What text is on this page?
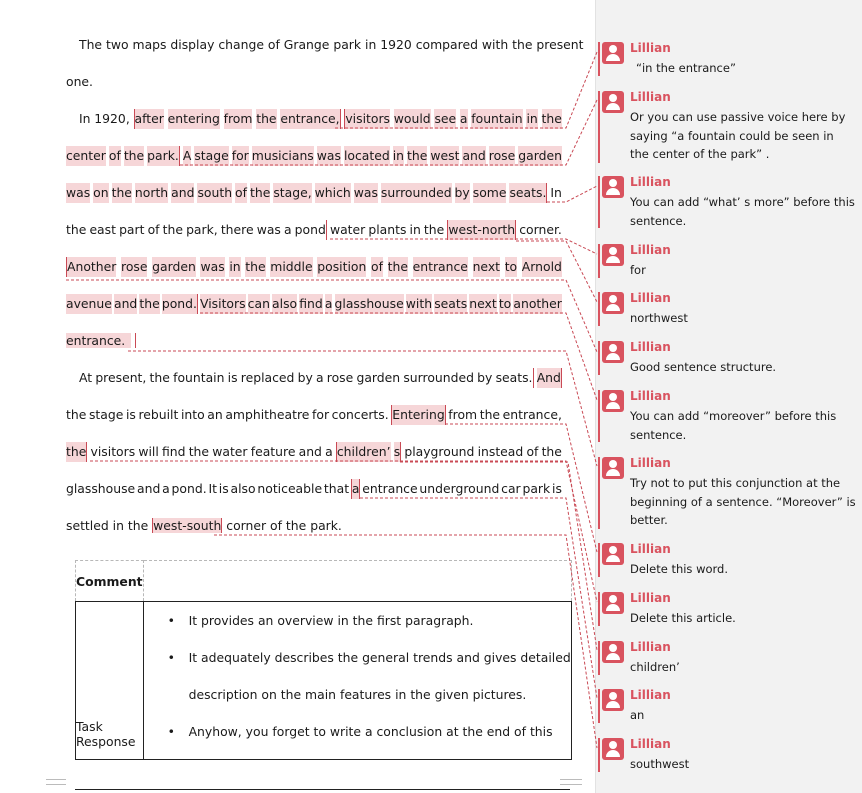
The two maps display change of Grange park in 1920 compared with the present
one.
In 1920, after entering from the entrance, visitors would see a fountain in the
center of the park. A stage for musicians was located in the west and rose garden
was on the north and south of the stage, which was surrounded by some seats. In
the east part of the park, there was a pond water plants in the west-north corner.
Another rose garden was in the middle position of the entrance next to Arnold
avenue and the pond. Visitors can also find a glasshouse with seats next to another
entrance.
At present, the fountain is replaced by a rose garden surrounded by seats. And
the stage is rebuilt into an amphitheatre for concerts. Entering from the entrance,
the visitors will find the water feature and a children’ s playground instead of the
glasshouse and a pond. It is also noticeable that a entrance underground car park is
settled in the west-south corner of the park.
Comment	
Task Response	• It provides an overview in the first paragraph.
• It adequately describes the general trends and gives detailed
description on the main features in the given pictures.
• Anyhow, you forget to write a conclusion at the end of this
Lillian
“in the entrance”
Lillian
Or you can use passive voice here by saying “a fountain could be seen in the center of the park” .
Lillian
You can add “what’ s more” before this sentence.
Lillian
for
Lillian
northwest
Lillian
Good sentence structure.
Lillian
You can add “moreover” before this sentence.
Lillian
Try not to put this conjunction at the beginning of a sentence. “Moreover” is better.
Lillian
Delete this word.
Lillian
Delete this article.
Lillian
children’
Lillian
an
Lillian
southwest
